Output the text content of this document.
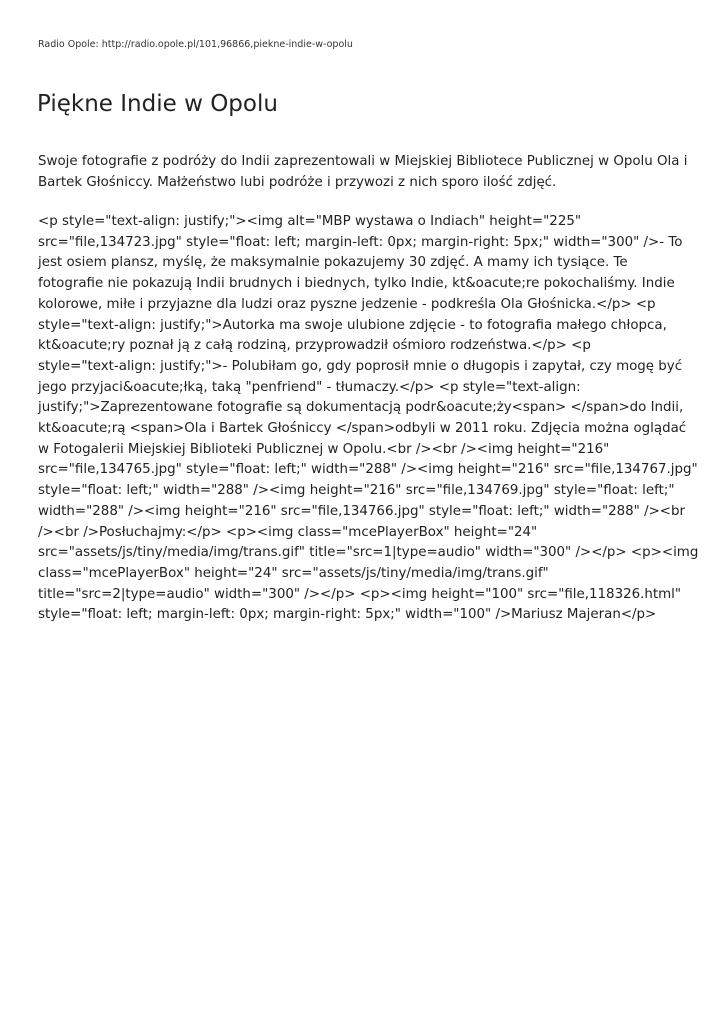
Radio Opole: http://radio.opole.pl/101,96866,piekne-indie-w-opolu
Piękne Indie w Opolu

Swoje fotografie z podróży do Indii zaprezentowali w Miejskiej Bibliotece Publicznej w Opolu Ola i
Bartek Głośniccy. Małżeństwo lubi podróże i przywozi z nich sporo ilość zdjęć.

<p style="text-align: justify;"><img alt="MBP wystawa o Indiach" height="225"
src="file,134723.jpg" style="float: left; margin-left: 0px; margin-right: 5px;" width="300" />- To
jest osiem plansz, myślę, że maksymalnie pokazujemy 30 zdjęć. A mamy ich tysiące. Te
fotografie nie pokazują Indii brudnych i biednych, tylko Indie, kt&oacute;re pokochaliśmy. Indie
kolorowe, miłe i przyjazne dla ludzi oraz pyszne jedzenie - podkreśla Ola Głośnicka.</p> <p
style="text-align: justify;">Autorka ma swoje ulubione zdjęcie - to fotografia małego chłopca,
kt&oacute;ry poznał ją z całą rodziną, przyprowadził ośmioro rodzeństwa.</p> <p
style="text-align: justify;">- Polubiłam go, gdy poprosił mnie o długopis i zapytał, czy mogę być
jego przyjaci&oacute;łką, taką "penfriend" - tłumaczy.</p> <p style="text-align:
justify;">Zaprezentowane fotografie są dokumentacją podr&oacute;ży<span> </span>do Indii,
kt&oacute;rą <span>Ola i Bartek Głośniccy </span>odbyli w 2011 roku. Zdjęcia można oglądać
w Fotogalerii Miejskiej Biblioteki Publicznej w Opolu.<br /><br /><img height="216"
src="file,134765.jpg" style="float: left;" width="288" /><img height="216" src="file,134767.jpg"
style="float: left;" width="288" /><img height="216" src="file,134769.jpg" style="float: left;"
width="288" /><img height="216" src="file,134766.jpg" style="float: left;" width="288" /><br
/><br />Posłuchajmy:</p> <p><img class="mcePlayerBox" height="24"
src="assets/js/tiny/media/img/trans.gif" title="src=1|type=audio" width="300" /></p> <p><img
class="mcePlayerBox" height="24" src="assets/js/tiny/media/img/trans.gif"
title="src=2|type=audio" width="300" /></p> <p><img height="100" src="file,118326.html"
style="float: left; margin-left: 0px; margin-right: 5px;" width="100" />Mariusz Majeran</p>
